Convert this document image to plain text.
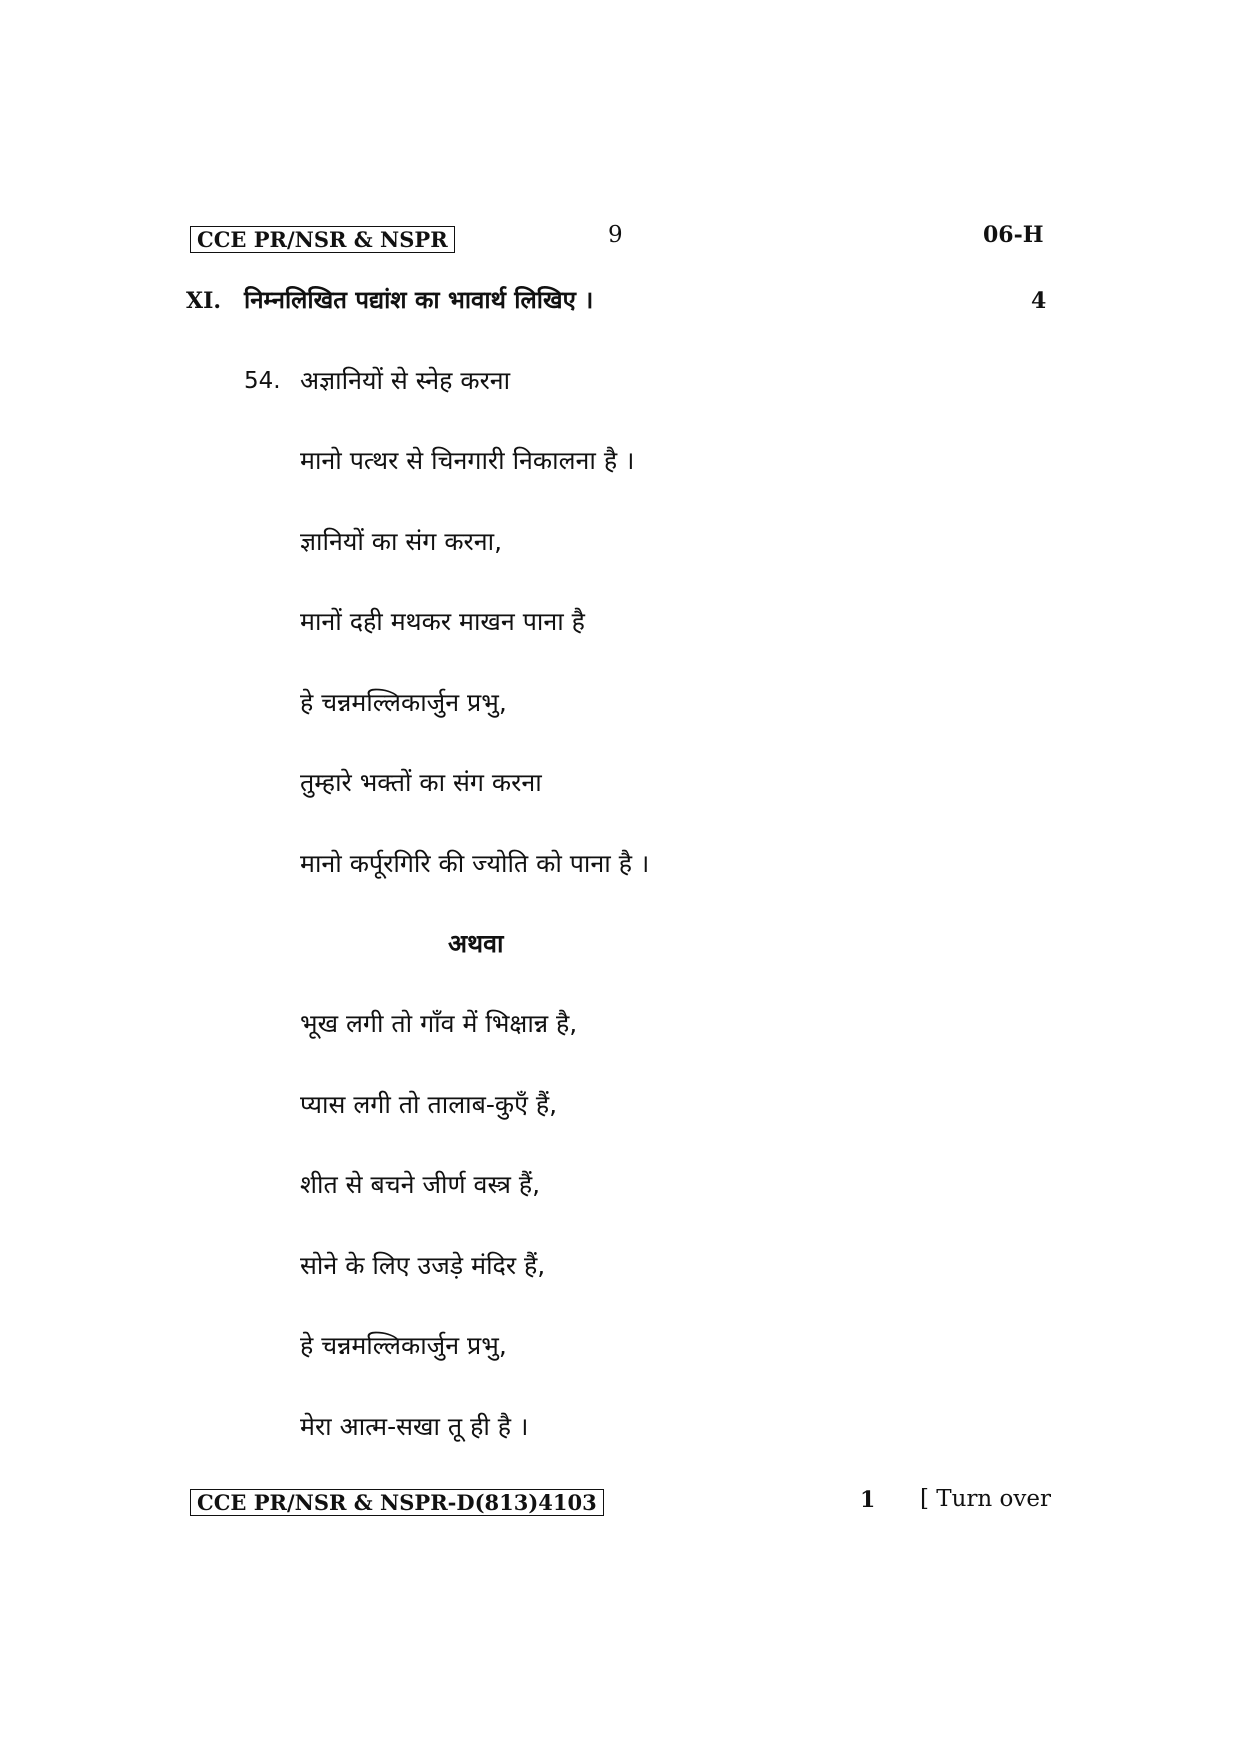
CCE PR/NSR & NSPR	9	06-H
XI. निम्नलिखित पद्यांश का भावार्थ लिखिए ।	4
54. अज्ञानियों से स्नेह करना
मानो पत्थर से चिनगारी निकालना है ।
ज्ञानियों का संग करना,
मानों दही मथकर माखन पाना है
हे चन्नमल्लिकार्जुन प्रभु,
तुम्हारे भक्तों का संग करना
मानो कर्पूरगिरि की ज्योति को पाना है ।
अथवा
भूख लगी तो गाँव में भिक्षान्न है,
प्यास लगी तो तालाब-कुएँ हैं,
शीत से बचने जीर्ण वस्त्र हैं,
सोने के लिए उजड़े मंदिर हैं,
हे चन्नमल्लिकार्जुन प्रभु,
मेरा आत्म-सखा तू ही है ।
CCE PR/NSR & NSPR-D(813)4103	1 [ Turn over
